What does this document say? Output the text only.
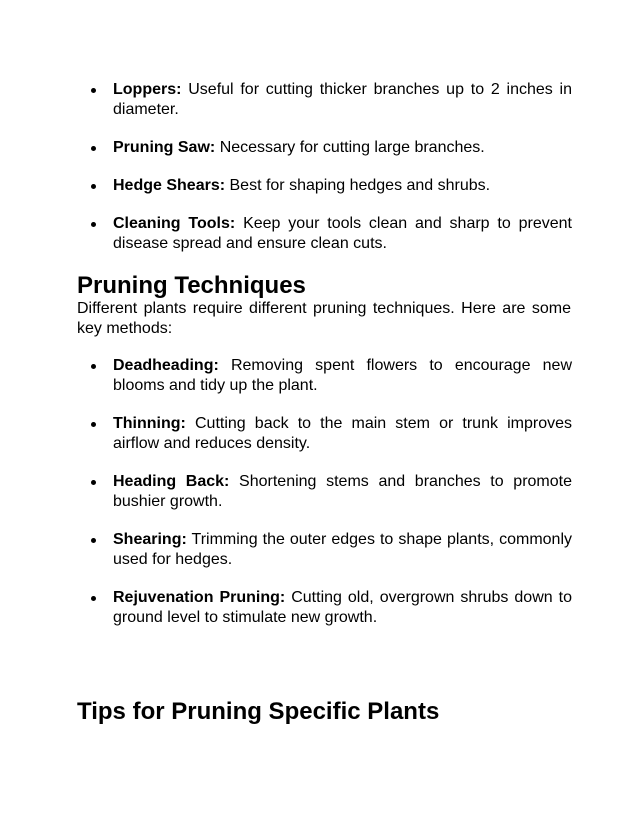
Loppers: Useful for cutting thicker branches up to 2 inches in diameter.
Pruning Saw: Necessary for cutting large branches.
Hedge Shears: Best for shaping hedges and shrubs.
Cleaning Tools: Keep your tools clean and sharp to prevent disease spread and ensure clean cuts.
Pruning Techniques

Different plants require different pruning techniques. Here are some key methods:

Deadheading: Removing spent flowers to encourage new blooms and tidy up the plant.
Thinning: Cutting back to the main stem or trunk improves airflow and reduces density.
Heading Back: Shortening stems and branches to promote bushier growth.
Shearing: Trimming the outer edges to shape plants, commonly used for hedges.
Rejuvenation Pruning: Cutting old, overgrown shrubs down to ground level to stimulate new growth.
Tips for Pruning Specific Plants
